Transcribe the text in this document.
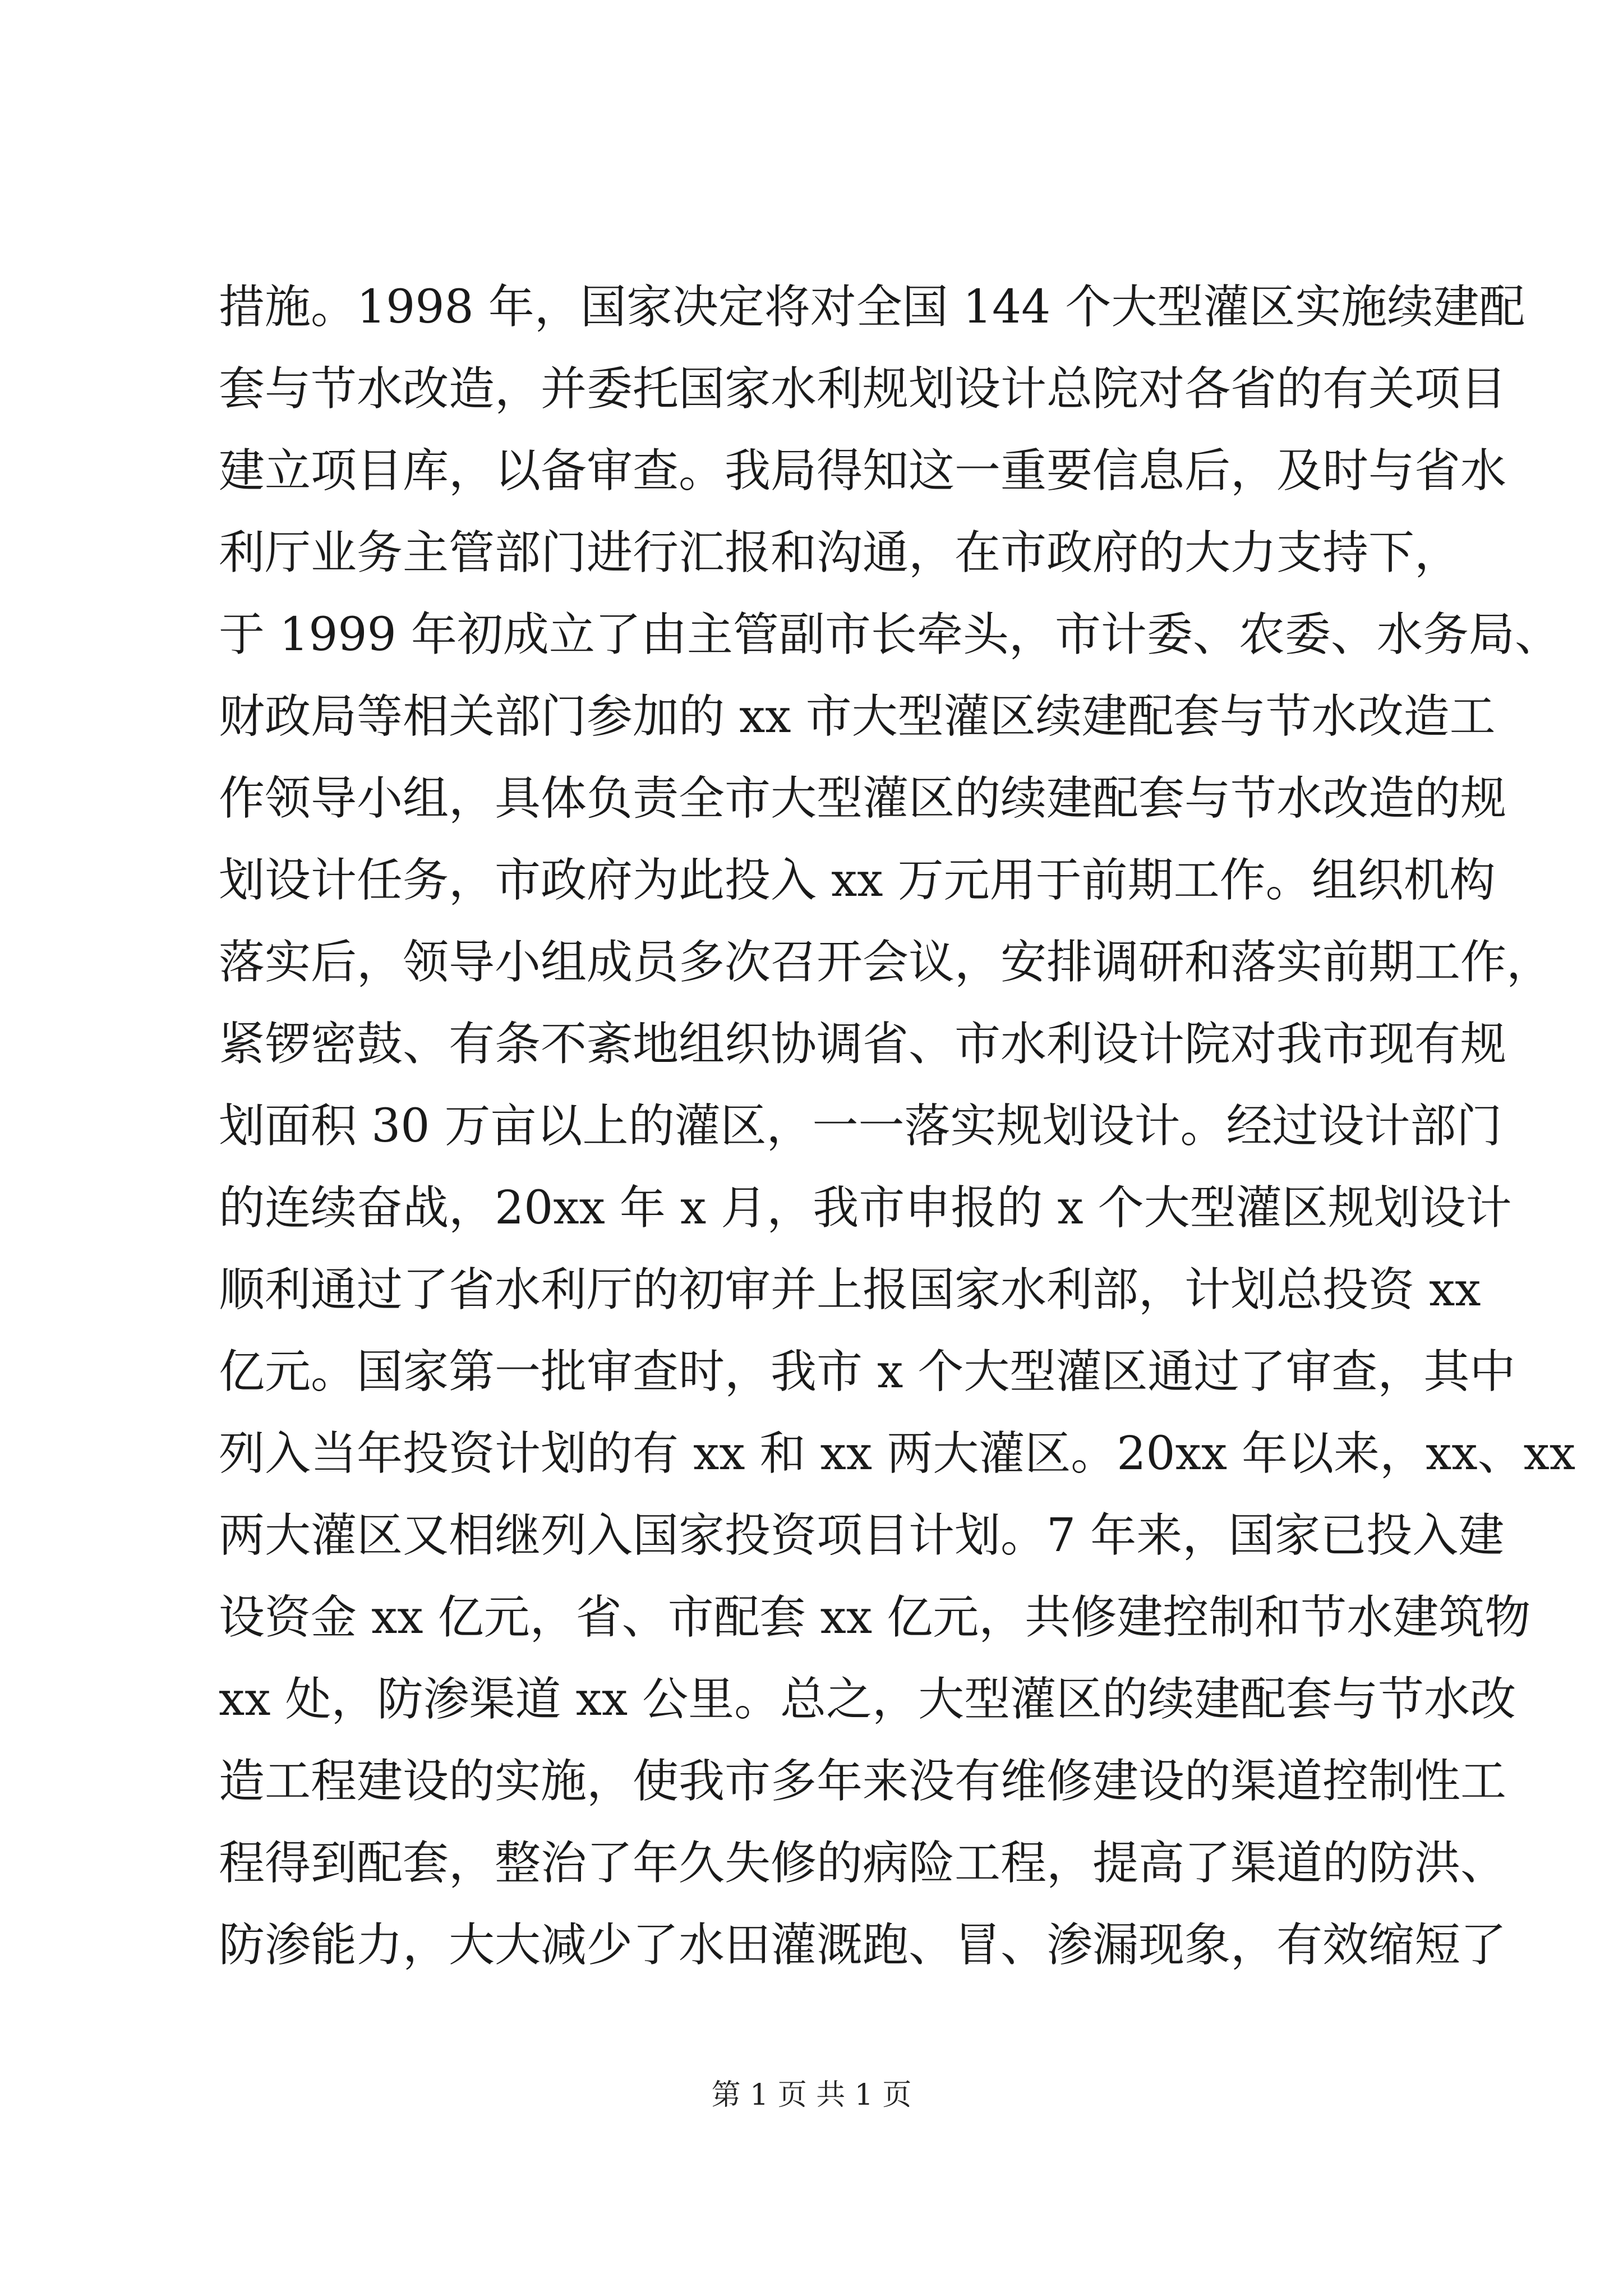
措施。1998 年，国家决定将对全国 144 个大型灌区实施续建配
套与节水改造，并委托国家水利规划设计总院对各省的有关项目
建立项目库，以备审查。我局得知这一重要信息后，及时与省水
利厅业务主管部门进行汇报和沟通，在市政府的大力支持下，
于 1999 年初成立了由主管副市长牵头，市计委、农委、水务局、
财政局等相关部门参加的 xx 市大型灌区续建配套与节水改造工
作领导小组，具体负责全市大型灌区的续建配套与节水改造的规
划设计任务，市政府为此投入 xx 万元用于前期工作。组织机构
落实后，领导小组成员多次召开会议，安排调研和落实前期工作，
紧锣密鼓、有条不紊地组织协调省、市水利设计院对我市现有规
划面积 30 万亩以上的灌区，一一落实规划设计。经过设计部门
的连续奋战，20xx 年 x 月，我市申报的 x 个大型灌区规划设计
顺利通过了省水利厅的初审并上报国家水利部，计划总投资 xx
亿元。国家第一批审查时，我市 x 个大型灌区通过了审查，其中
列入当年投资计划的有 xx 和 xx 两大灌区。20xx 年以来，xx、xx
两大灌区又相继列入国家投资项目计划。7 年来，国家已投入建
设资金 xx 亿元，省、市配套 xx 亿元，共修建控制和节水建筑物
xx 处，防渗渠道 xx 公里。总之，大型灌区的续建配套与节水改
造工程建设的实施，使我市多年来没有维修建设的渠道控制性工
程得到配套，整治了年久失修的病险工程，提高了渠道的防洪、
防渗能力，大大减少了水田灌溉跑、冒、渗漏现象，有效缩短了
第 1 页 共 1 页
